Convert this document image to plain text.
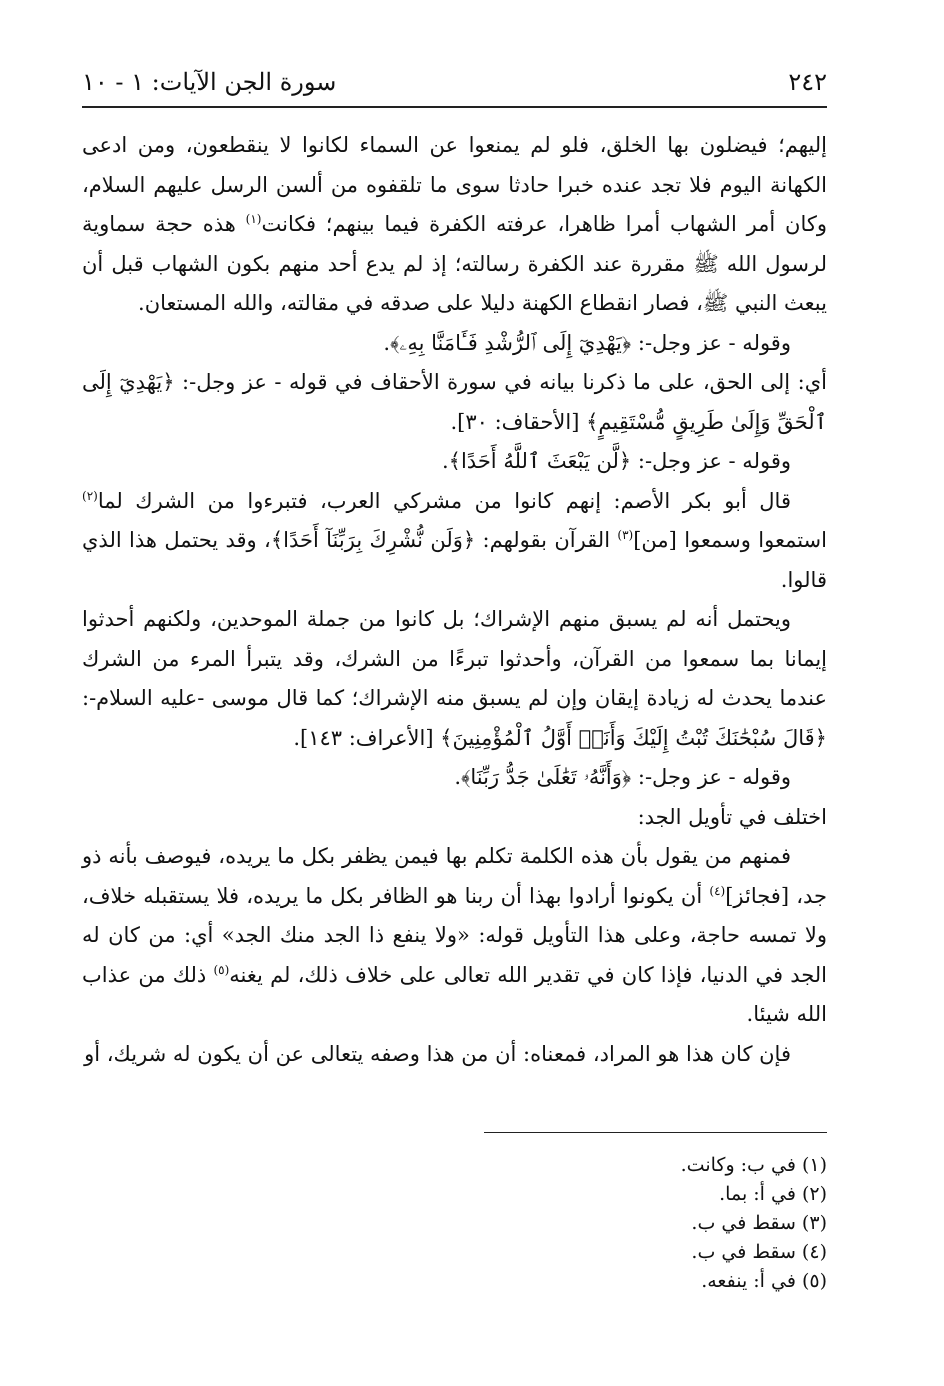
٢٤٢
سورة الجن الآيات: ١ - ١٠

إليهم؛ فيضلون بها الخلق، فلو لم يمنعوا عن السماء لكانوا لا ينقطعون، ومن ادعى الكهانة اليوم فلا تجد عنده خبرا حادثا سوى ما تلقفوه من ألسن الرسل عليهم السلام، وكان أمر الشهاب أمرا ظاهرا، عرفته الكفرة فيما بينهم؛ فكانت$^{(١)}$ هذه حجة سماوية لرسول الله ﷺ مقررة عند الكفرة رسالته؛ إذ لم يدع أحد منهم بكون الشهاب قبل أن يبعث النبي ﷺ، فصار انقطاع الكهنة دليلا على صدقه في مقالته، والله المستعان.

وقوله - عز وجل-: ﴿يَهْدِيٓ إِلَى ٱلرُّشْدِ فَـَٔامَنَّا بِهِۦ﴾.

أي: إلى الحق، على ما ذكرنا بيانه في سورة الأحقاف في قوله - عز وجل-: ﴿يَهْدِيٓ إِلَى ٱلْحَقِّ وَإِلَىٰ طَرِيقٍ مُّسْتَقِيمٍ﴾ [الأحقاف: ٣٠].

وقوله - عز وجل-: ﴿لَّن يَبْعَثَ ٱللَّهُ أَحَدًا﴾.

قال أبو بكر الأصم: إنهم كانوا من مشركي العرب، فتبرءوا من الشرك لما$^{(٢)}$ استمعوا وسمعوا [من]$^{(٣)}$ القرآن بقولهم: ﴿وَلَن نُّشْرِكَ بِرَبِّنَآ أَحَدًا﴾، وقد يحتمل هذا الذي قالوا.

ويحتمل أنه لم يسبق منهم الإشراك؛ بل كانوا من جملة الموحدين، ولكنهم أحدثوا إيمانا بما سمعوا من القرآن، وأحدثوا تبرءًا من الشرك، وقد يتبرأ المرء من الشرك عندما يحدث له زيادة إيقان وإن لم يسبق منه الإشراك؛ كما قال موسى -عليه السلام-: ﴿قَالَ سُبْحَٰنَكَ تُبْتُ إِلَيْكَ وَأَنَا۠ أَوَّلُ ٱلْمُؤْمِنِينَ﴾ [الأعراف: ١٤٣].

وقوله - عز وجل-: ﴿وَأَنَّهُۥ تَعَٰلَىٰ جَدُّ رَبِّنَا﴾.

اختلف في تأويل الجد:

فمنهم من يقول بأن هذه الكلمة تكلم بها فيمن يظفر بكل ما يريده، فيوصف بأنه ذو جد، [فجائز]$^{(٤)}$ أن يكونوا أرادوا بهذا أن ربنا هو الظافر بكل ما يريده، فلا يستقبله خلاف، ولا تمسه حاجة، وعلى هذا التأويل قوله: «ولا ينفع ذا الجد منك الجد» أي: من كان له الجد في الدنيا، فإذا كان في تقدير الله تعالى على خلاف ذلك، لم يغنه$^{(٥)}$ ذلك من عذاب الله شيئا.

فإن كان هذا هو المراد، فمعناه: أن من هذا وصفه يتعالى عن أن يكون له شريك، أو

(١) في ب: وكانت.
(٢) في أ: بما.
(٣) سقط في ب.
(٤) سقط في ب.
(٥) في أ: ينفعه.
